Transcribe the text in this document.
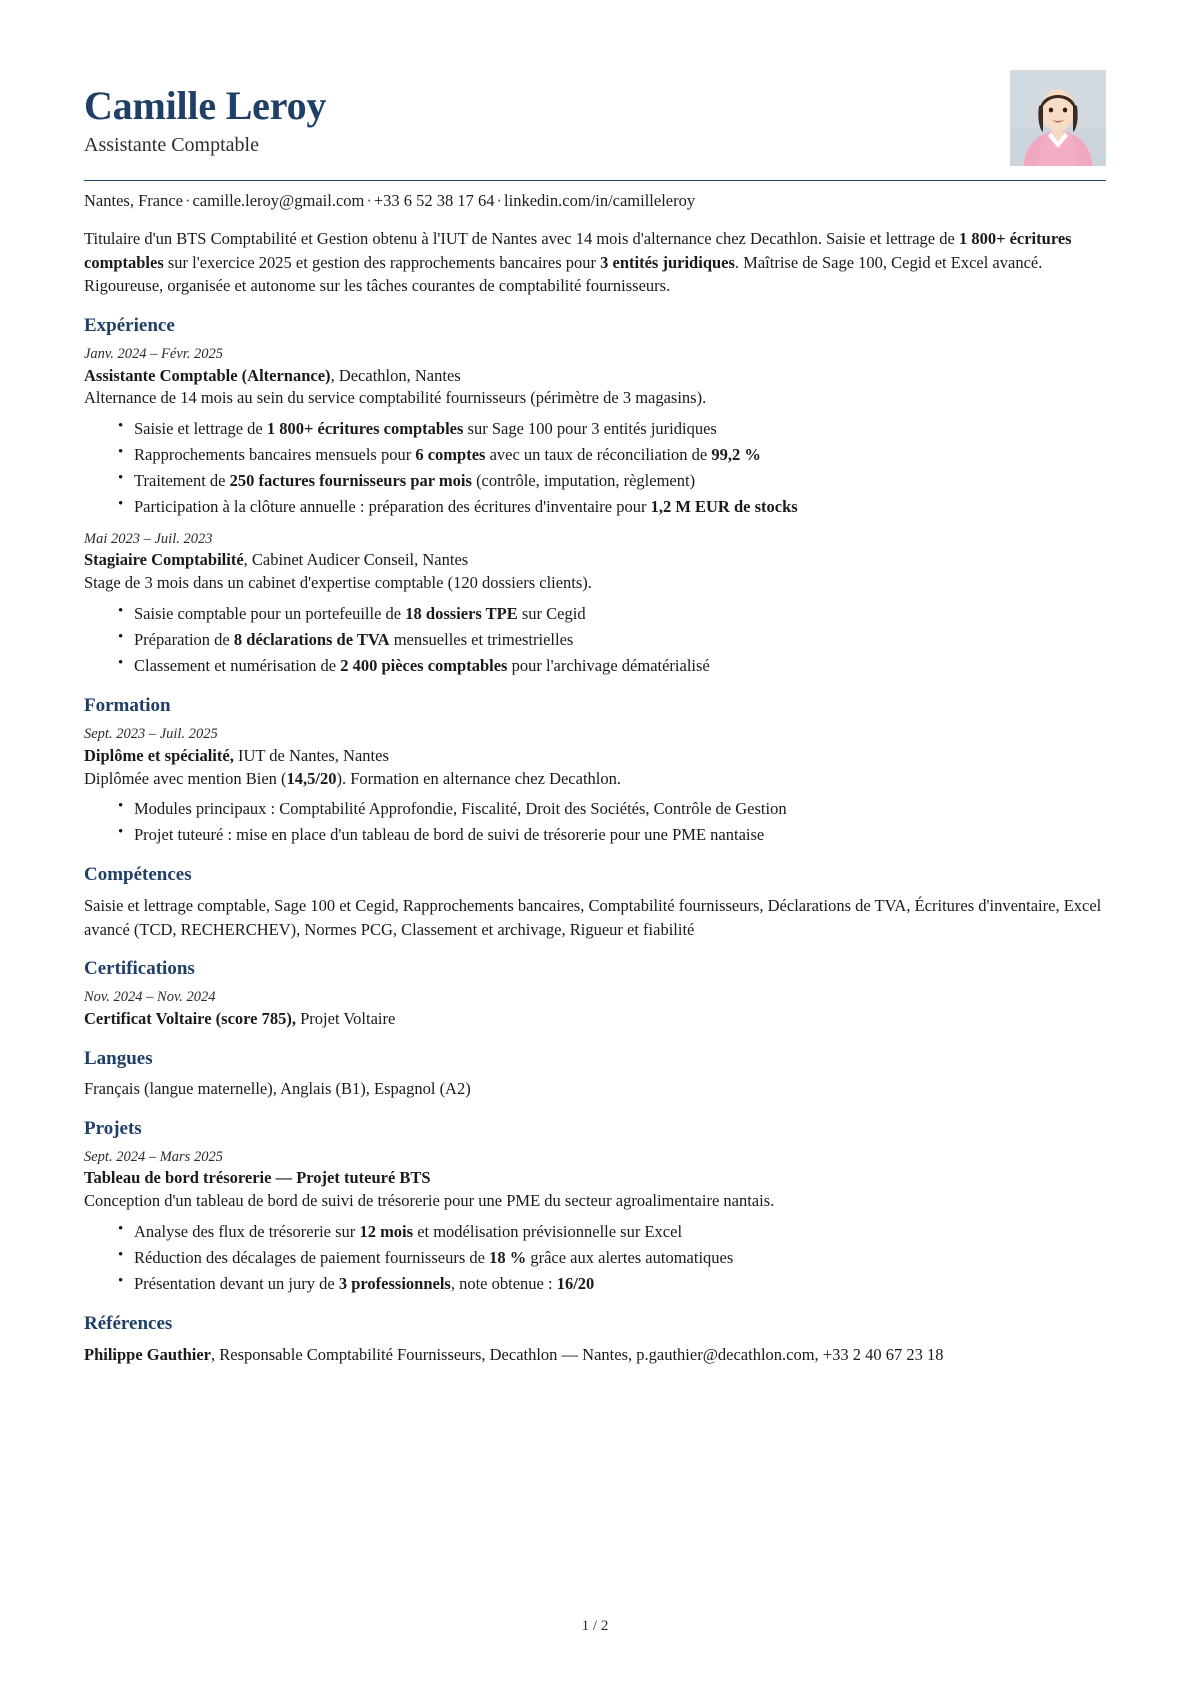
Camille Leroy
Assistante Comptable
Nantes, France · camille.leroy@gmail.com · +33 6 52 38 17 64 · linkedin.com/in/camilleleroy
Titulaire d'un BTS Comptabilité et Gestion obtenu à l'IUT de Nantes avec 14 mois d'alternance chez Decathlon. Saisie et lettrage de 1 800+ écritures comptables sur l'exercice 2025 et gestion des rapprochements bancaires pour 3 entités juridiques. Maîtrise de Sage 100, Cegid et Excel avancé. Rigoureuse, organisée et autonome sur les tâches courantes de comptabilité fournisseurs.
Expérience
Janv. 2024 – Févr. 2025
Assistante Comptable (Alternance), Decathlon, Nantes
Alternance de 14 mois au sein du service comptabilité fournisseurs (périmètre de 3 magasins).
• Saisie et lettrage de 1 800+ écritures comptables sur Sage 100 pour 3 entités juridiques
• Rapprochements bancaires mensuels pour 6 comptes avec un taux de réconciliation de 99,2 %
• Traitement de 250 factures fournisseurs par mois (contrôle, imputation, règlement)
• Participation à la clôture annuelle : préparation des écritures d'inventaire pour 1,2 M EUR de stocks
Mai 2023 – Juil. 2023
Stagiaire Comptabilité, Cabinet Audicer Conseil, Nantes
Stage de 3 mois dans un cabinet d'expertise comptable (120 dossiers clients).
• Saisie comptable pour un portefeuille de 18 dossiers TPE sur Cegid
• Préparation de 8 déclarations de TVA mensuelles et trimestrielles
• Classement et numérisation de 2 400 pièces comptables pour l'archivage dématérialisé
Formation
Sept. 2023 – Juil. 2025
Diplôme et spécialité, IUT de Nantes, Nantes
Diplômée avec mention Bien (14,5/20). Formation en alternance chez Decathlon.
• Modules principaux : Comptabilité Approfondie, Fiscalité, Droit des Sociétés, Contrôle de Gestion
• Projet tuteuré : mise en place d'un tableau de bord de suivi de trésorerie pour une PME nantaise
Compétences
Saisie et lettrage comptable, Sage 100 et Cegid, Rapprochements bancaires, Comptabilité fournisseurs, Déclarations de TVA, Écritures d'inventaire, Excel avancé (TCD, RECHERCHEV), Normes PCG, Classement et archivage, Rigueur et fiabilité
Certifications
Nov. 2024 – Nov. 2024
Certificat Voltaire (score 785), Projet Voltaire
Langues
Français (langue maternelle), Anglais (B1), Espagnol (A2)
Projets
Sept. 2024 – Mars 2025
Tableau de bord trésorerie — Projet tuteuré BTS
Conception d'un tableau de bord de suivi de trésorerie pour une PME du secteur agroalimentaire nantais.
• Analyse des flux de trésorerie sur 12 mois et modélisation prévisionnelle sur Excel
• Réduction des décalages de paiement fournisseurs de 18 % grâce aux alertes automatiques
• Présentation devant un jury de 3 professionnels, note obtenue : 16/20
Références
Philippe Gauthier, Responsable Comptabilité Fournisseurs, Decathlon — Nantes, p.gauthier@decathlon.com, +33 2 40 67 23 18
1 / 2
